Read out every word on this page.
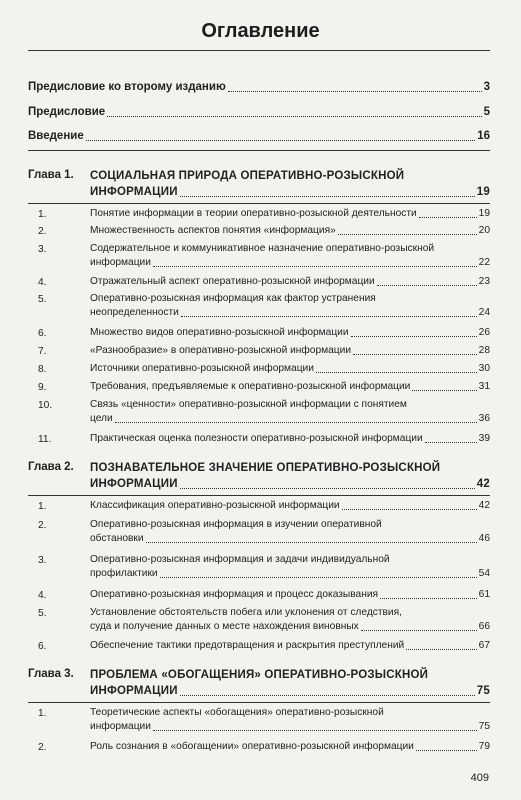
Оглавление
Предисловие ко второму изданию	3
Предисловие	5
Введение	16
Глава 1.	СОЦИАЛЬНАЯ ПРИРОДА ОПЕРАТИВНО-РОЗЫСКНОЙ
ИНФОРМАЦИИ	19
1.	Понятие информации в теории оперативно-розыскной деятельности	19
2.	Множественность аспектов понятия «информация»	20
3.	Содержательное и коммуникативное назначение оперативно-розыскной
информации	22
4.	Отражательный аспект оперативно-розыскной информации	23
5.	Оперативно-розыскная информация как фактор устранения
неопределенности	24
6.	Множество видов оперативно-розыскной информации	26
7.	«Разнообразие» в оперативно-розыскной информации	28
8.	Источники оперативно-розыскной информации	30
9.	Требования, предъявляемые к оперативно-розыскной информации	31
10.	Связь «ценности» оперативно-розыскной информации с понятием
цели	36
11.	Практическая оценка полезности оперативно-розыскной информации	39
Глава 2.	ПОЗНАВАТЕЛЬНОЕ ЗНАЧЕНИЕ ОПЕРАТИВНО-РОЗЫСКНОЙ
ИНФОРМАЦИИ	42
1.	Классификация оперативно-розыскной информации	42
2.	Оперативно-розыскная информация в изучении оперативной
обстановки	46
3.	Оперативно-розыскная информация и задачи индивидуальной
профилактики	54
4.	Оперативно-розыскная информация и процесс доказывания	61
5.	Установление обстоятельств побега или уклонения от следствия,
суда и получение данных о месте нахождения виновных	66
6.	Обеспечение тактики предотвращения и раскрытия преступлений	67
Глава 3.	ПРОБЛЕМА «ОБОГАЩЕНИЯ» ОПЕРАТИВНО-РОЗЫСКНОЙ
ИНФОРМАЦИИ	75
1.	Теоретические аспекты «обогащения» оперативно-розыскной
информации	75
2.	Роль сознания в «обогащении» оперативно-розыскной информации	79
409
